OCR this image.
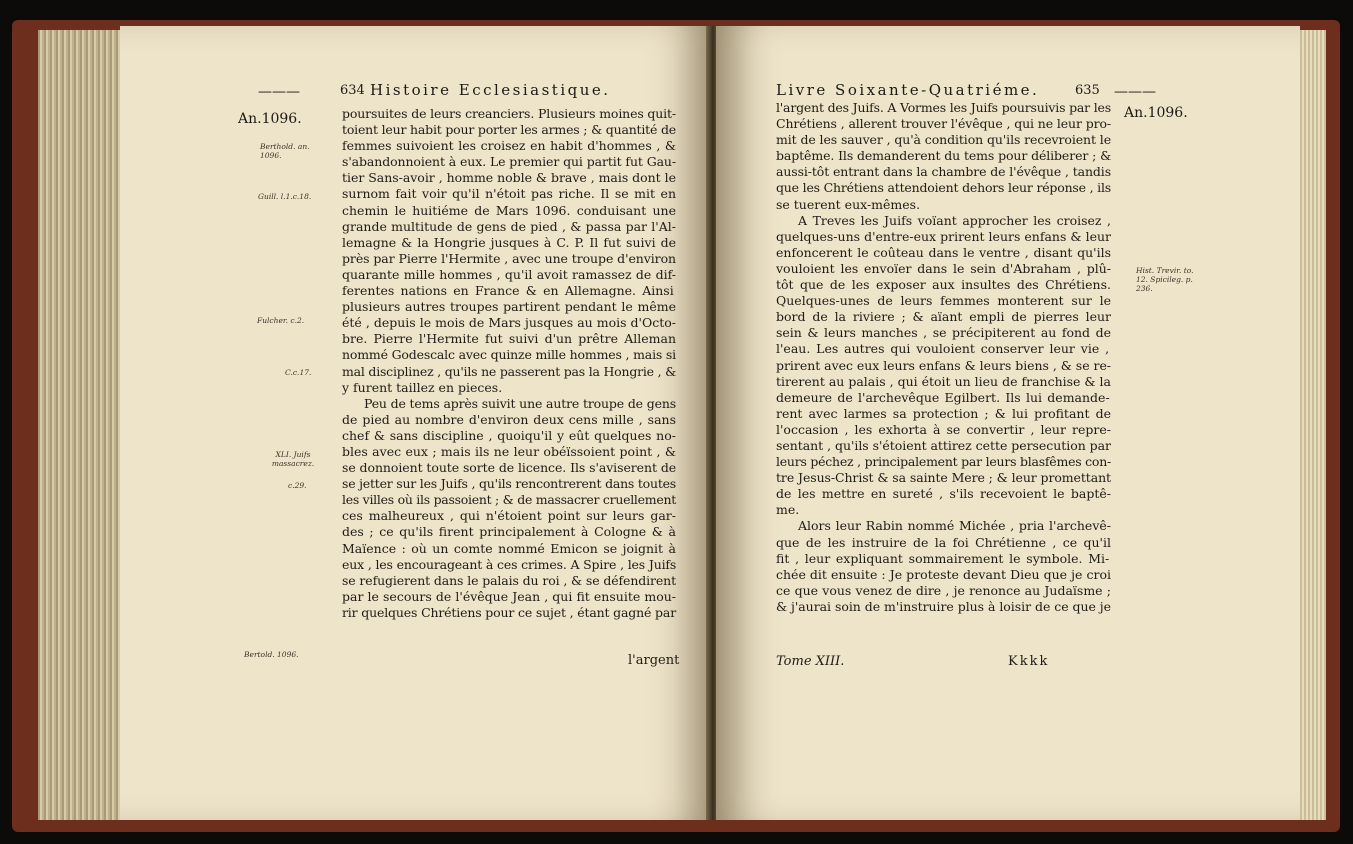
———	634 Histoire Ecclesiastique.
An.1096.
Berthold. an. 1096.
Guill. l.1.c.18.
Fulcher. c.2.
C.c.17.
XLI. Juifs massacrez.
c.29.
Bertold. 1096.
poursuites de leurs creanciers. Plusieurs moines quit-
toient leur habit pour porter les armes ; & quantité de
femmes suivoient les croisez en habit d'hommes , &
s'abandonnoient à eux. Le premier qui partit fut Gau-
tier Sans-avoir , homme noble & brave , mais dont le
surnom fait voir qu'il n'étoit pas riche. Il se mit en
chemin le huitiéme de Mars 1096. conduisant une
grande multitude de gens de pied , & passa par l'Al-
lemagne & la Hongrie jusques à C. P. Il fut suivi de
près par Pierre l'Hermite , avec une troupe d'environ
quarante mille hommes , qu'il avoit ramassez de dif-
ferentes nations en France & en Allemagne. Ainsi
plusieurs autres troupes partirent pendant le même
été , depuis le mois de Mars jusques au mois d'Octo-
bre. Pierre l'Hermite fut suivi d'un prêtre Alleman
nommé Godescalc avec quinze mille hommes , mais si
mal disciplinez , qu'ils ne passerent pas la Hongrie , &
y furent taillez en pieces.
Peu de tems après suivit une autre troupe de gens
de pied au nombre d'environ deux cens mille , sans
chef & sans discipline , quoiqu'il y eût quelques no-
bles avec eux ; mais ils ne leur obéïssoient point , &
se donnoient toute sorte de licence. Ils s'aviserent de
se jetter sur les Juifs , qu'ils rencontrerent dans toutes
les villes où ils passoient ; & de massacrer cruellement
ces malheureux , qui n'étoient point sur leurs gar-
des ; ce qu'ils firent principalement à Cologne & à
Maïence : où un comte nommé Emicon se joignit à
eux , les encourageant à ces crimes. A Spire , les Juifs
se refugierent dans le palais du roi , & se défendirent
par le secours de l'évêque Jean , qui fit ensuite mou-
rir quelques Chrétiens pour ce sujet , étant gagné par
l'argent
Livre Soixante-Quatriéme.	635 ———
An.1096.
Hist. Trevir. to. 12. Spicileg. p. 236.
l'argent des Juifs. A Vormes les Juifs poursuivis par les
Chrétiens , allerent trouver l'évêque , qui ne leur pro-
mit de les sauver , qu'à condition qu'ils recevroient le
baptême. Ils demanderent du tems pour déliberer ; &
aussi-tôt entrant dans la chambre de l'évêque , tandis
que les Chrétiens attendoient dehors leur réponse , ils
se tuerent eux-mêmes.
A Treves les Juifs voïant approcher les croisez ,
quelques-uns d'entre-eux prirent leurs enfans & leur
enfoncerent le coûteau dans le ventre , disant qu'ils
vouloient les envoïer dans le sein d'Abraham , plû-
tôt que de les exposer aux insultes des Chrétiens.
Quelques-unes de leurs femmes monterent sur le
bord de la riviere ; & aïant empli de pierres leur
sein & leurs manches , se précipiterent au fond de
l'eau. Les autres qui vouloient conserver leur vie ,
prirent avec eux leurs enfans & leurs biens , & se re-
tirerent au palais , qui étoit un lieu de franchise & la
demeure de l'archevêque Egilbert. Ils lui demande-
rent avec larmes sa protection ; & lui profitant de
l'occasion , les exhorta à se convertir , leur repre-
sentant , qu'ils s'étoient attirez cette persecution par
leurs péchez , principalement par leurs blasfêmes con-
tre Jesus-Christ & sa sainte Mere ; & leur promettant
de les mettre en sureté , s'ils recevoient le baptê-
me.
Alors leur Rabin nommé Michée , pria l'archevê-
que de les instruire de la foi Chrétienne , ce qu'il
fit , leur expliquant sommairement le symbole. Mi-
chée dit ensuite : Je proteste devant Dieu que je croi
ce que vous venez de dire , je renonce au Judaïsme ;
& j'aurai soin de m'instruire plus à loisir de ce que je
Tome XIII.	Kkkk
